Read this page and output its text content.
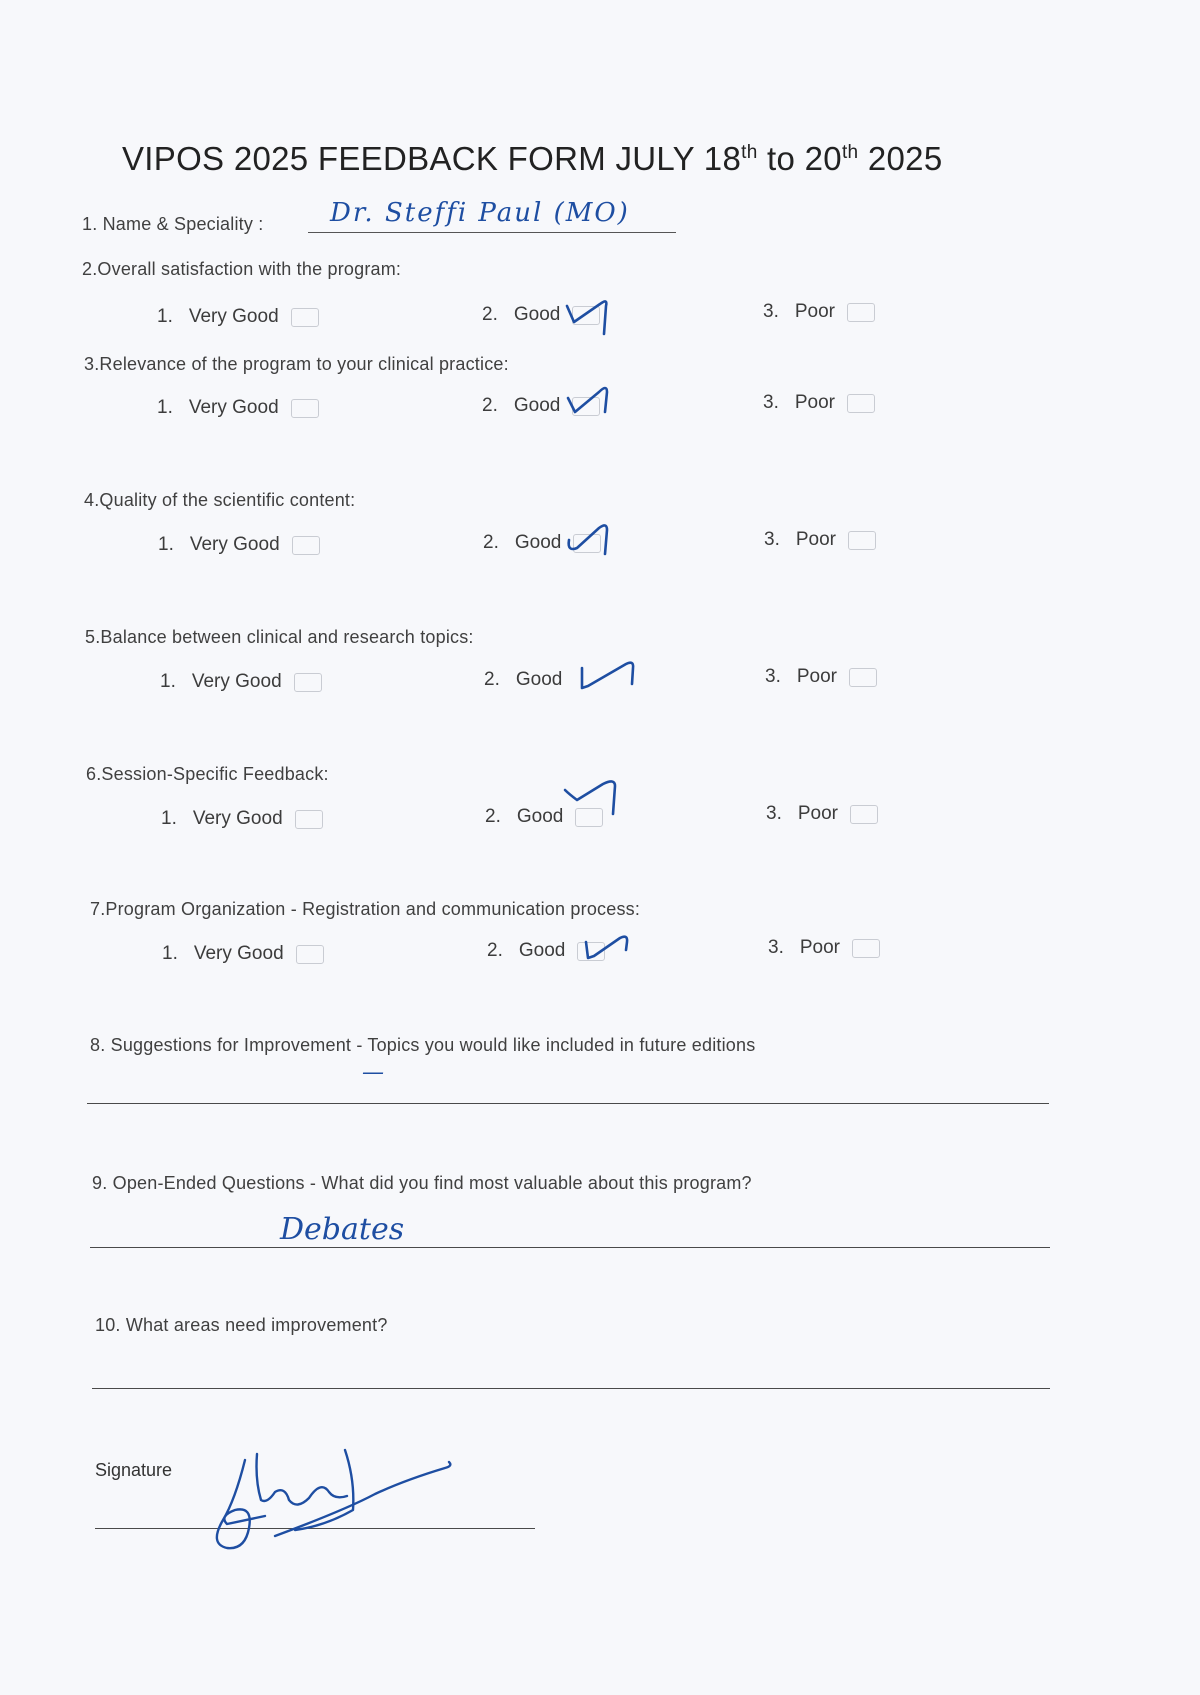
VIPOS 2025 FEEDBACK FORM JULY 18th to 20th 2025
1. Name & Speciality :	Dr. Steffi Paul (MO)
2.Overall satisfaction with the program:
1. Very Good	2. Good	3. Poor
3.Relevance of the program to your clinical practice:
1. Very Good	2. Good	3. Poor
4.Quality of the scientific content:
1. Very Good	2. Good	3. Poor
5.Balance between clinical and research topics:
1. Very Good	2. Good	3. Poor
6.Session-Specific Feedback:
1. Very Good	2. Good	3. Poor
7.Program Organization - Registration and communication process:
1. Very Good	2. Good	3. Poor
8. Suggestions for Improvement - Topics you would like included in future editions
—
9. Open-Ended Questions - What did you find most valuable about this program?
Debates
10. What areas need improvement?
Signature
